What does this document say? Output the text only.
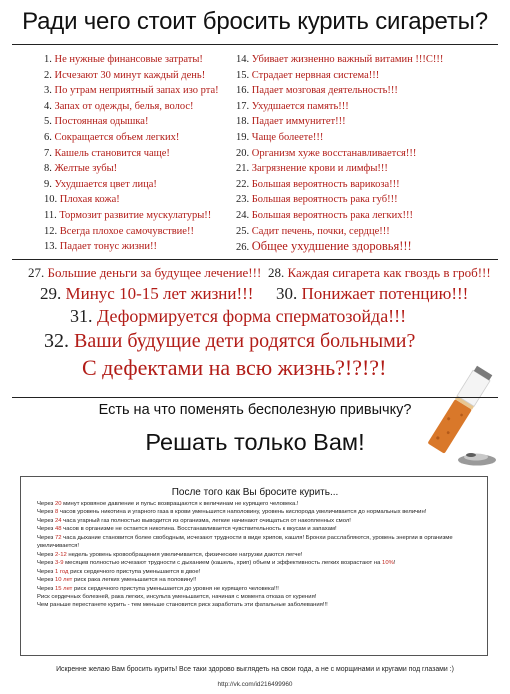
Ради чего стоит бросить курить сигареты?
1. Не нужные финансовые затраты!
2. Исчезают 30 минут каждый день!
3. По утрам неприятный запах изо рта!
4. Запах от одежды, белья, волос!
5. Постоянная одышка!
6. Сокращается объем легких!
7. Кашель становится чаще!
8. Желтые зубы!
9. Ухудшается цвет лица!
10. Плохая кожа!
11. Тормозит развитие мускулатуры!!
12. Всегда плохое самочувствие!!
13. Падает тонус жизни!!
14. Убивает жизненно важный витамин !!!С!!!
15. Страдает нервная система!!!
16. Падает мозговая деятельность!!!
17. Ухудшается память!!!
18. Падает иммунитет!!!
19. Чаще болеете!!!
20. Организм хуже восстанавливается!!!
21. Загрязнение крови и лимфы!!!
22. Большая вероятность варикоза!!!
23. Большая вероятность рака губ!!!
24. Большая вероятность рака легких!!!
25. Садит печень, почки, сердце!!!
26. Общее ухудшение здоровья!!!
27. Большие деньги за будущее лечение!!! 28. Каждая сигарета как гвоздь в гроб!!!
29. Минус 10-15 лет жизни!!! 30. Понижает потенцию!!!
31. Деформируется форма сперматозойда!!!
32. Ваши будущие дети родятся больными?
С дефектами на всю жизнь?!?!?!
Есть на что поменять бесполезную привычку?
Решать только Вам!
После того как Вы бросите курить...
Через 20 минут кровяное давление и пульс возвращаются к величинам не курящего человека.!
Через 8 часов уровень никотина и угарного газа в крови уменьшится наполовину, уровень кислорода увеличивается до нормальных величин!
Через 24 часа угарный газ полностью выводится из организма, легкие начинают очищаться от накопленных смол!
Через 48 часов в организме не остается никотина. Восстанавливается чувствительность к вкусам и запахам!
Через 72 часа дыхание становится более свободным, исчезают трудности в виде хрипов, кашля! Бронхи расслабляются, уровень энергии в организме увеличивается!
Через 2-12 недель уровень кровообращения увеличивается, физические нагрузки даются легче!
Через 3-9 месяцев полностью исчезают трудности с дыханием (кашель, хрип) объем и эффективность легких возрастают на 10%!
Через 1 год риск сердечного приступа уменьшается в двое!
Через 10 лет риск рака легких уменьшается на половину!!
Через 15 лет риск сердечного приступа уменьшается до уровня не курящего человека!!!
Риск сердечных болезней, рака легких, инсульта уменьшается, начиная с момента отказа от курения!
Чем раньше перестанете курить - тем меньше становится риск заработать эти фатальные заболевания!!!
Искренне желаю Вам бросить курить! Все таки здорово выглядеть на свои года, а не с морщинами и кругами под глазами :)
http://vk.com/id216499960
